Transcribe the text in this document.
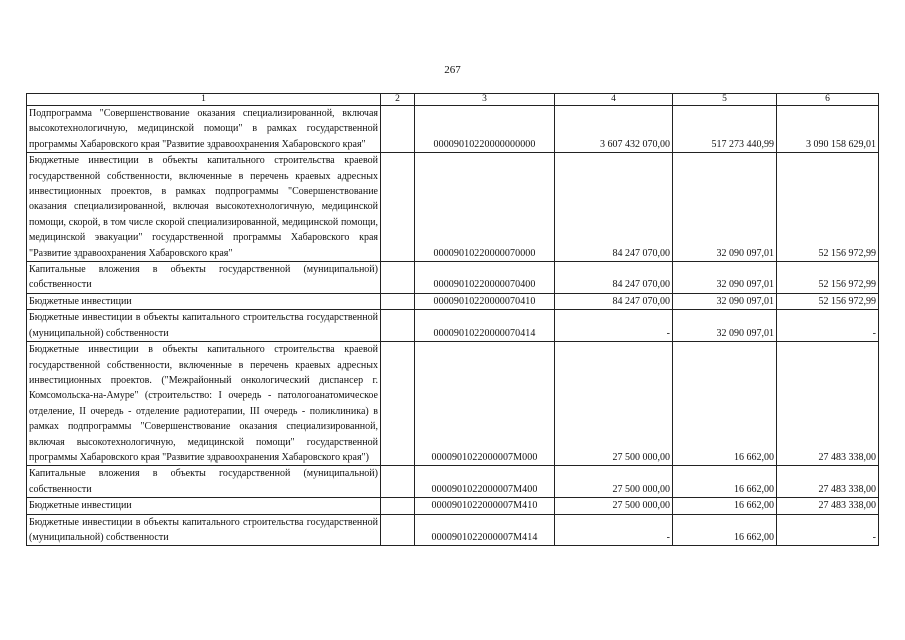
267
1	2	3	4	5	6
Подпрограмма "Совершенствование оказания специализированной, включая высокотехнологичную, медицинской помощи" в рамках государственной программы Хабаровского края "Развитие здравоохранения Хабаровского края"		00009010220000000000	3 607 432 070,00	517 273 440,99	3 090 158 629,01
Бюджетные инвестиции в объекты капитального строительства краевой государственной собственности, включенные в перечень краевых адресных инвестиционных проектов, в рамках подпрограммы "Совершенствование оказания специализированной, включая высокотехнологичную, медицинской помощи, скорой, в том числе скорой специализированной, медицинской помощи, медицинской эвакуации" государственной программы Хабаровского края "Развитие здравоохранения Хабаровского края"		00009010220000070000	84 247 070,00	32 090 097,01	52 156 972,99
Капитальные вложения в объекты государственной (муниципальной) собственности		00009010220000070400	84 247 070,00	32 090 097,01	52 156 972,99
Бюджетные инвестиции		00009010220000070410	84 247 070,00	32 090 097,01	52 156 972,99
Бюджетные инвестиции в объекты капитального строительства государственной (муниципальной) собственности		00009010220000070414	-	32 090 097,01	-
Бюджетные инвестиции в объекты капитального строительства краевой государственной собственности, включенные в перечень краевых адресных инвестиционных проектов. ("Межрайонный онкологический диспансер г. Комсомольска-на-Амуре" (строительство: I очередь - патологоанатомическое отделение, II очередь - отделение радиотерапии, III очередь - поликлиника) в рамках подпрограммы "Совершенствование оказания специализированной, включая высокотехнологичную, медицинской помощи" государственной программы Хабаровского края "Развитие здравоохранения Хабаровского края")		0000901022000007М000	27 500 000,00	16 662,00	27 483 338,00
Капитальные вложения в объекты государственной (муниципальной) собственности		0000901022000007М400	27 500 000,00	16 662,00	27 483 338,00
Бюджетные инвестиции		0000901022000007М410	27 500 000,00	16 662,00	27 483 338,00
Бюджетные инвестиции в объекты капитального строительства государственной (муниципальной) собственности		0000901022000007М414	-	16 662,00	-
